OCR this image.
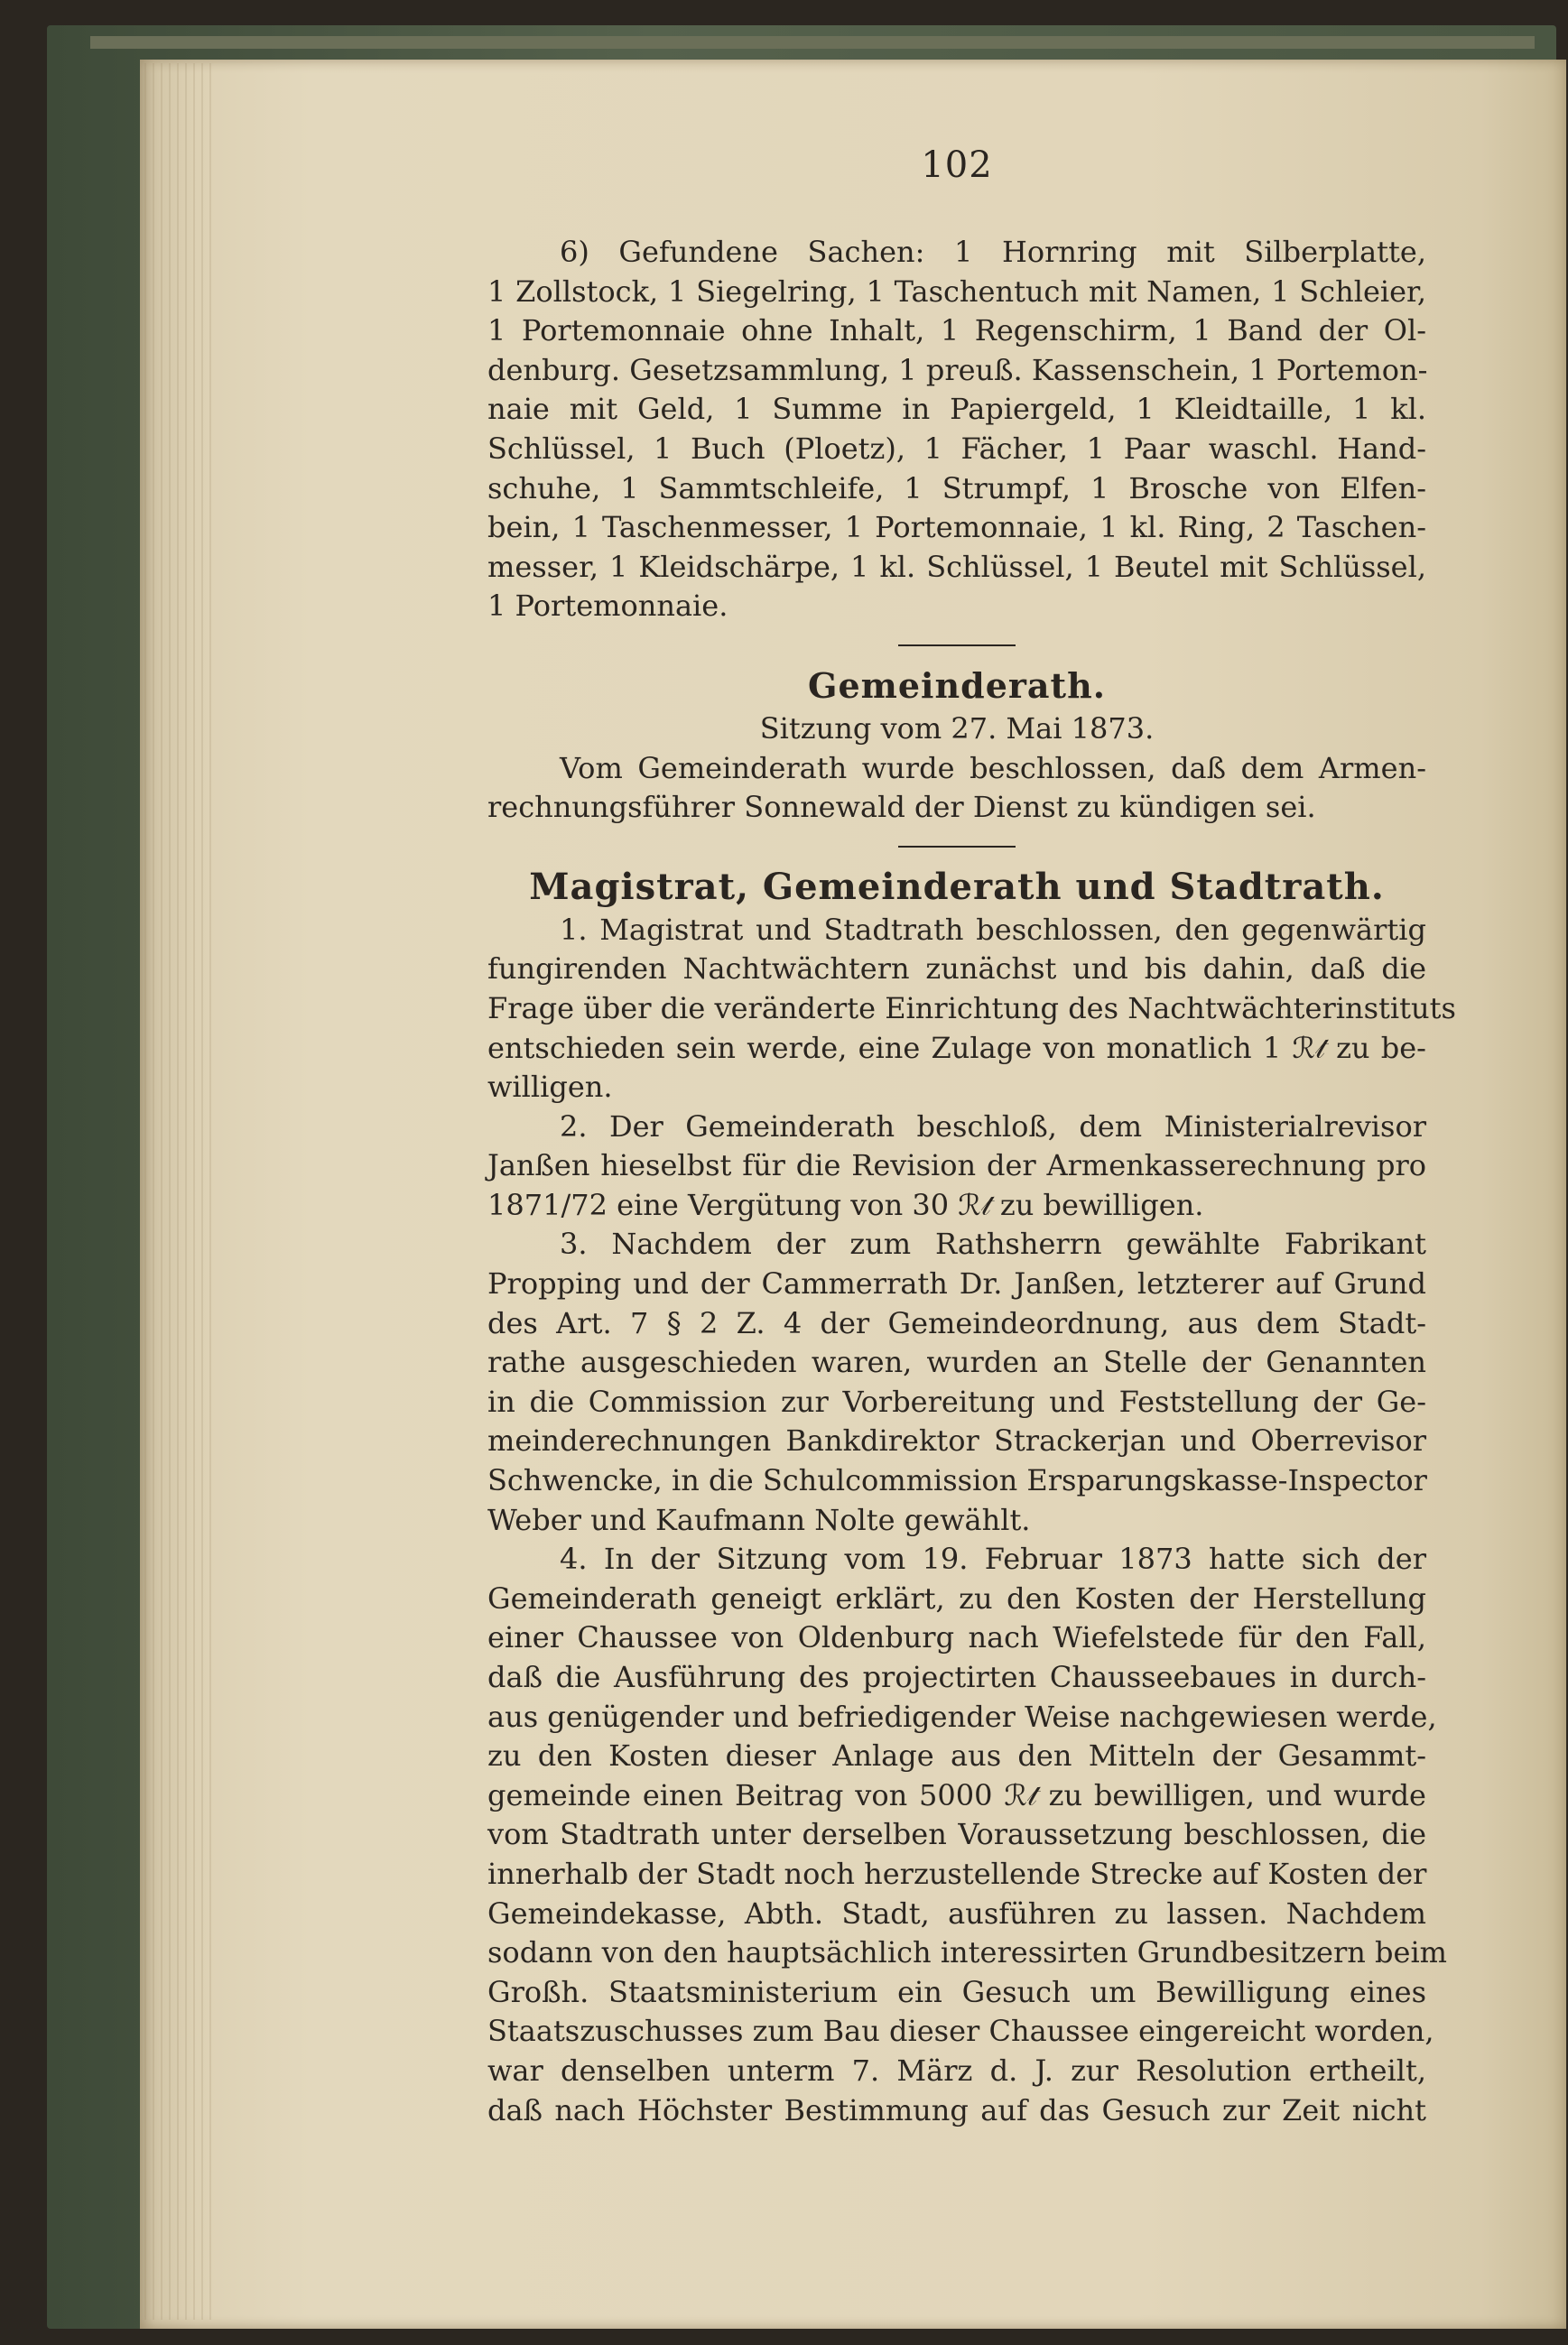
102
6) Gefundene Sachen: 1 Hornring mit Silberplatte,
1 Zollstock, 1 Siegelring, 1 Taschentuch mit Namen, 1 Schleier,
1 Portemonnaie ohne Inhalt, 1 Regenschirm, 1 Band der Ol-
denburg. Gesetzsammlung, 1 preuß. Kassenschein, 1 Portemon-
naie mit Geld, 1 Summe in Papiergeld, 1 Kleidtaille, 1 kl.
Schlüssel, 1 Buch (Ploetz), 1 Fächer, 1 Paar waschl. Hand-
schuhe, 1 Sammtschleife, 1 Strumpf, 1 Brosche von Elfen-
bein, 1 Taschenmesser, 1 Portemonnaie, 1 kl. Ring, 2 Taschen-
messer, 1 Kleidschärpe, 1 kl. Schlüssel, 1 Beutel mit Schlüssel,
1 Portemonnaie.
Gemeinderath.
Sitzung vom 27. Mai 1873.
Vom Gemeinderath wurde beschlossen, daß dem Armen-
rechnungsführer Sonnewald der Dienst zu kündigen sei.
Magistrat, Gemeinderath und Stadtrath.
1. Magistrat und Stadtrath beschlossen, den gegenwärtig
fungirenden Nachtwächtern zunächst und bis dahin, daß die
Frage über die veränderte Einrichtung des Nachtwächterinstituts
entschieden sein werde, eine Zulage von monatlich 1 ℛ𝓉 zu be-
willigen.
2. Der Gemeinderath beschloß, dem Ministerialrevisor
Janßen hieselbst für die Revision der Armenkasserechnung pro
1871/72 eine Vergütung von 30 ℛ𝓉 zu bewilligen.
3. Nachdem der zum Rathsherrn gewählte Fabrikant
Propping und der Cammerrath Dr. Janßen, letzterer auf Grund
des Art. 7 § 2 Z. 4 der Gemeindeordnung, aus dem Stadt-
rathe ausgeschieden waren, wurden an Stelle der Genannten
in die Commission zur Vorbereitung und Feststellung der Ge-
meinderechnungen Bankdirektor Strackerjan und Oberrevisor
Schwencke, in die Schulcommission Ersparungskasse-Inspector
Weber und Kaufmann Nolte gewählt.
4. In der Sitzung vom 19. Februar 1873 hatte sich der
Gemeinderath geneigt erklärt, zu den Kosten der Herstellung
einer Chaussee von Oldenburg nach Wiefelstede für den Fall,
daß die Ausführung des projectirten Chausseebaues in durch-
aus genügender und befriedigender Weise nachgewiesen werde,
zu den Kosten dieser Anlage aus den Mitteln der Gesammt-
gemeinde einen Beitrag von 5000 ℛ𝓉 zu bewilligen, und wurde
vom Stadtrath unter derselben Voraussetzung beschlossen, die
innerhalb der Stadt noch herzustellende Strecke auf Kosten der
Gemeindekasse, Abth. Stadt, ausführen zu lassen. Nachdem
sodann von den hauptsächlich interessirten Grundbesitzern beim
Großh. Staatsministerium ein Gesuch um Bewilligung eines
Staatszuschusses zum Bau dieser Chaussee eingereicht worden,
war denselben unterm 7. März d. J. zur Resolution ertheilt,
daß nach Höchster Bestimmung auf das Gesuch zur Zeit nicht
